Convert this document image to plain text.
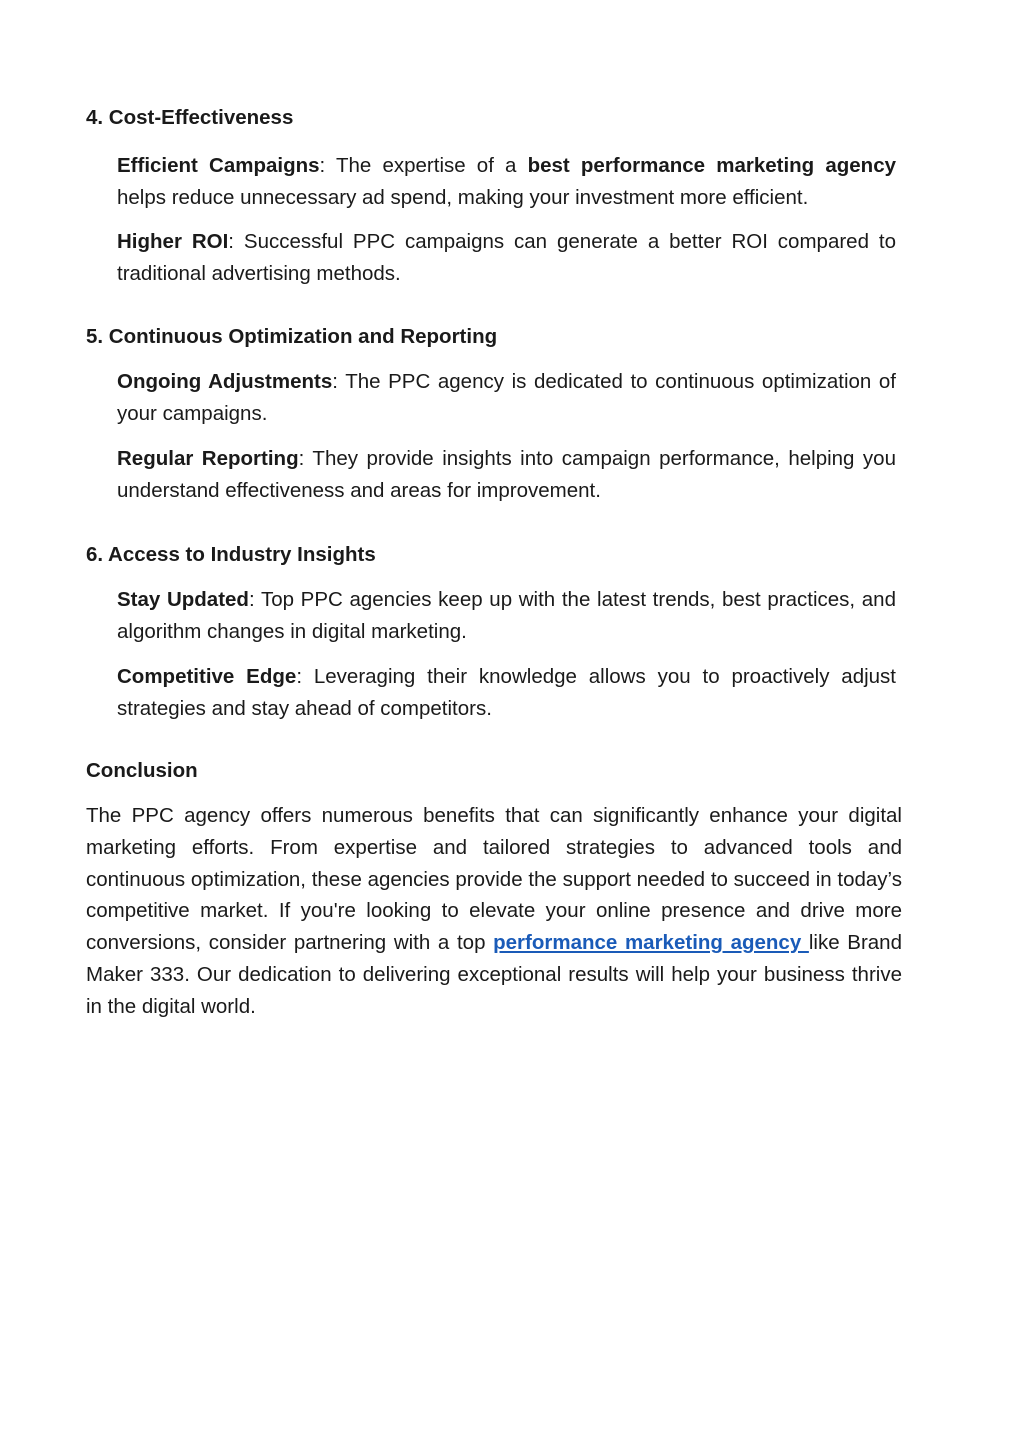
4. Cost-Effectiveness

Efficient Campaigns: The expertise of a best performance marketing agency helps reduce unnecessary ad spend, making your investment more efficient.

Higher ROI: Successful PPC campaigns can generate a better ROI compared to traditional advertising methods.

5. Continuous Optimization and Reporting

Ongoing Adjustments: The PPC agency is dedicated to continuous optimization of your campaigns.

Regular Reporting: They provide insights into campaign performance, helping you understand effectiveness and areas for improvement.

6. Access to Industry Insights

Stay Updated: Top PPC agencies keep up with the latest trends, best practices, and algorithm changes in digital marketing.

Competitive Edge: Leveraging their knowledge allows you to proactively adjust strategies and stay ahead of competitors.

Conclusion

The PPC agency offers numerous benefits that can significantly enhance your digital marketing efforts. From expertise and tailored strategies to advanced tools and continuous optimization, these agencies provide the support needed to succeed in today’s competitive market. If you're looking to elevate your online presence and drive more conversions, consider partnering with a top performance marketing agency like Brand Maker 333. Our dedication to delivering exceptional results will help your business thrive in the digital world.
